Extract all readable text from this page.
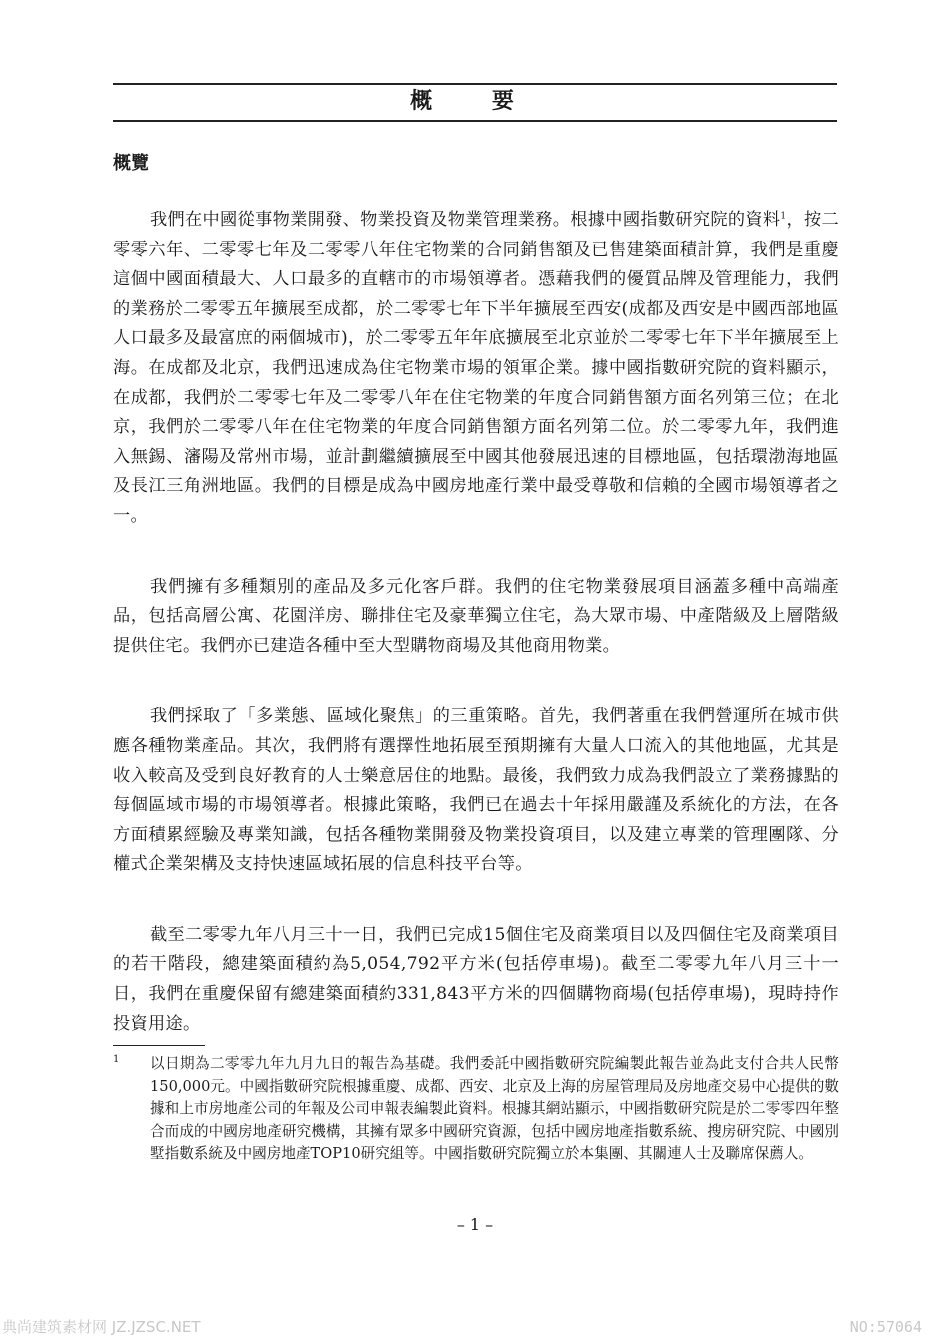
概 要
概覽

我們在中國從事物業開發、物業投資及物業管理業務。根據中國指數研究院的資料$^1$，按二零零六年、二零零七年及二零零八年住宅物業的合同銷售額及已售建築面積計算，我們是重慶這個中國面積最大、人口最多的直轄市的市場領導者。憑藉我們的優質品牌及管理能力，我們的業務於二零零五年擴展至成都，於二零零七年下半年擴展至西安(成都及西安是中國西部地區人口最多及最富庶的兩個城市)，於二零零五年年底擴展至北京並於二零零七年下半年擴展至上海。在成都及北京，我們迅速成為住宅物業市場的領軍企業。據中國指數研究院的資料顯示，在成都，我們於二零零七年及二零零八年在住宅物業的年度合同銷售額方面名列第三位；在北京，我們於二零零八年在住宅物業的年度合同銷售額方面名列第二位。於二零零九年，我們進入無錫、瀋陽及常州市場，並計劃繼續擴展至中國其他發展迅速的目標地區，包括環渤海地區及長江三角洲地區。我們的目標是成為中國房地產行業中最受尊敬和信賴的全國市場領導者之一。

我們擁有多種類別的產品及多元化客戶群。我們的住宅物業發展項目涵蓋多種中高端產品，包括高層公寓、花園洋房、聯排住宅及豪華獨立住宅，為大眾市場、中產階級及上層階級提供住宅。我們亦已建造各種中至大型購物商場及其他商用物業。

我們採取了「多業態、區域化聚焦」的三重策略。首先，我們著重在我們營運所在城市供應各種物業產品。其次，我們將有選擇性地拓展至預期擁有大量人口流入的其他地區，尤其是收入較高及受到良好教育的人士樂意居住的地點。最後，我們致力成為我們設立了業務據點的每個區域市場的市場領導者。根據此策略，我們已在過去十年採用嚴謹及系統化的方法，在各方面積累經驗及專業知識，包括各種物業開發及物業投資項目，以及建立專業的管理團隊、分權式企業架構及支持快速區域拓展的信息科技平台等。

截至二零零九年八月三十一日，我們已完成15個住宅及商業項目以及四個住宅及商業項目的若干階段，總建築面積約為5,054,792平方米(包括停車場)。截至二零零九年八月三十一日，我們在重慶保留有總建築面積約331,843平方米的四個購物商場(包括停車場)，現時持作投資用途。

1 以日期為二零零九年九月九日的報告為基礎。我們委託中國指數研究院編製此報告並為此支付合共人民幣150,000元。中國指數研究院根據重慶、成都、西安、北京及上海的房屋管理局及房地產交易中心提供的數據和上市房地產公司的年報及公司申報表編製此資料。根據其網站顯示，中國指數研究院是於二零零四年整合而成的中國房地產研究機構，其擁有眾多中國研究資源，包括中國房地產指數系統、搜房研究院、中國別墅指數系統及中國房地產TOP10研究組等。中國指數研究院獨立於本集團、其關連人士及聯席保薦人。
– 1 –
典尚建筑素材网 JZ.JZSC.NET	NO:57064
